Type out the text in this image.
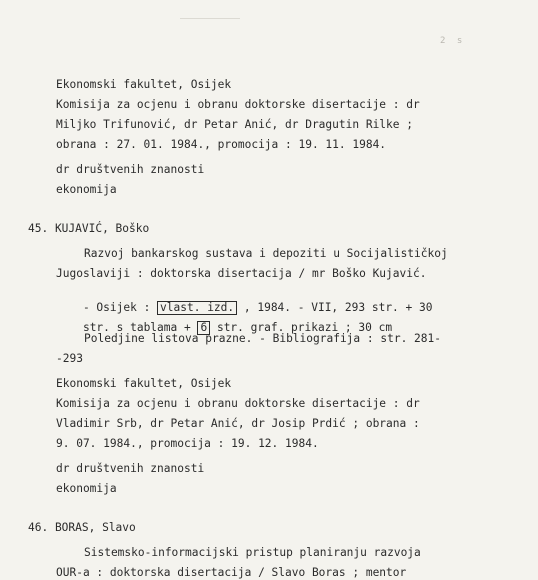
2 s
Ekonomski fakultet, Osijek
Komisija za ocjenu i obranu doktorske disertacije : dr
Miljko Trifunović, dr Petar Anić, dr Dragutin Rilke ;
obrana : 27. 01. 1984., promocija : 19. 11. 1984.
dr društvenih znanosti
ekonomija
45. KUJAVIĆ, Boško
Razvoj bankarskog sustava i depoziti u Socijalističkoj
Jugoslaviji : doktorska disertacija / mr Boško Kujavić.

- Osijek : vlast. izd. , 1984. - VII, 293 str. + 30

str. s tablama + 6 str. graf. prikazi ; 30 cm

Poledjine listova prazne. - Bibliografija : str. 281-
-293
Ekonomski fakultet, Osijek
Komisija za ocjenu i obranu doktorske disertacije : dr
Vladimir Srb, dr Petar Anić, dr Josip Prdić ; obrana :
9. 07. 1984., promocija : 19. 12. 1984.
dr društvenih znanosti
ekonomija
46. BORAS, Slavo
Sistemsko-informacijski pristup planiranju razvoja
OUR-a : doktorska disertacija / Slavo Boras ; mentor
